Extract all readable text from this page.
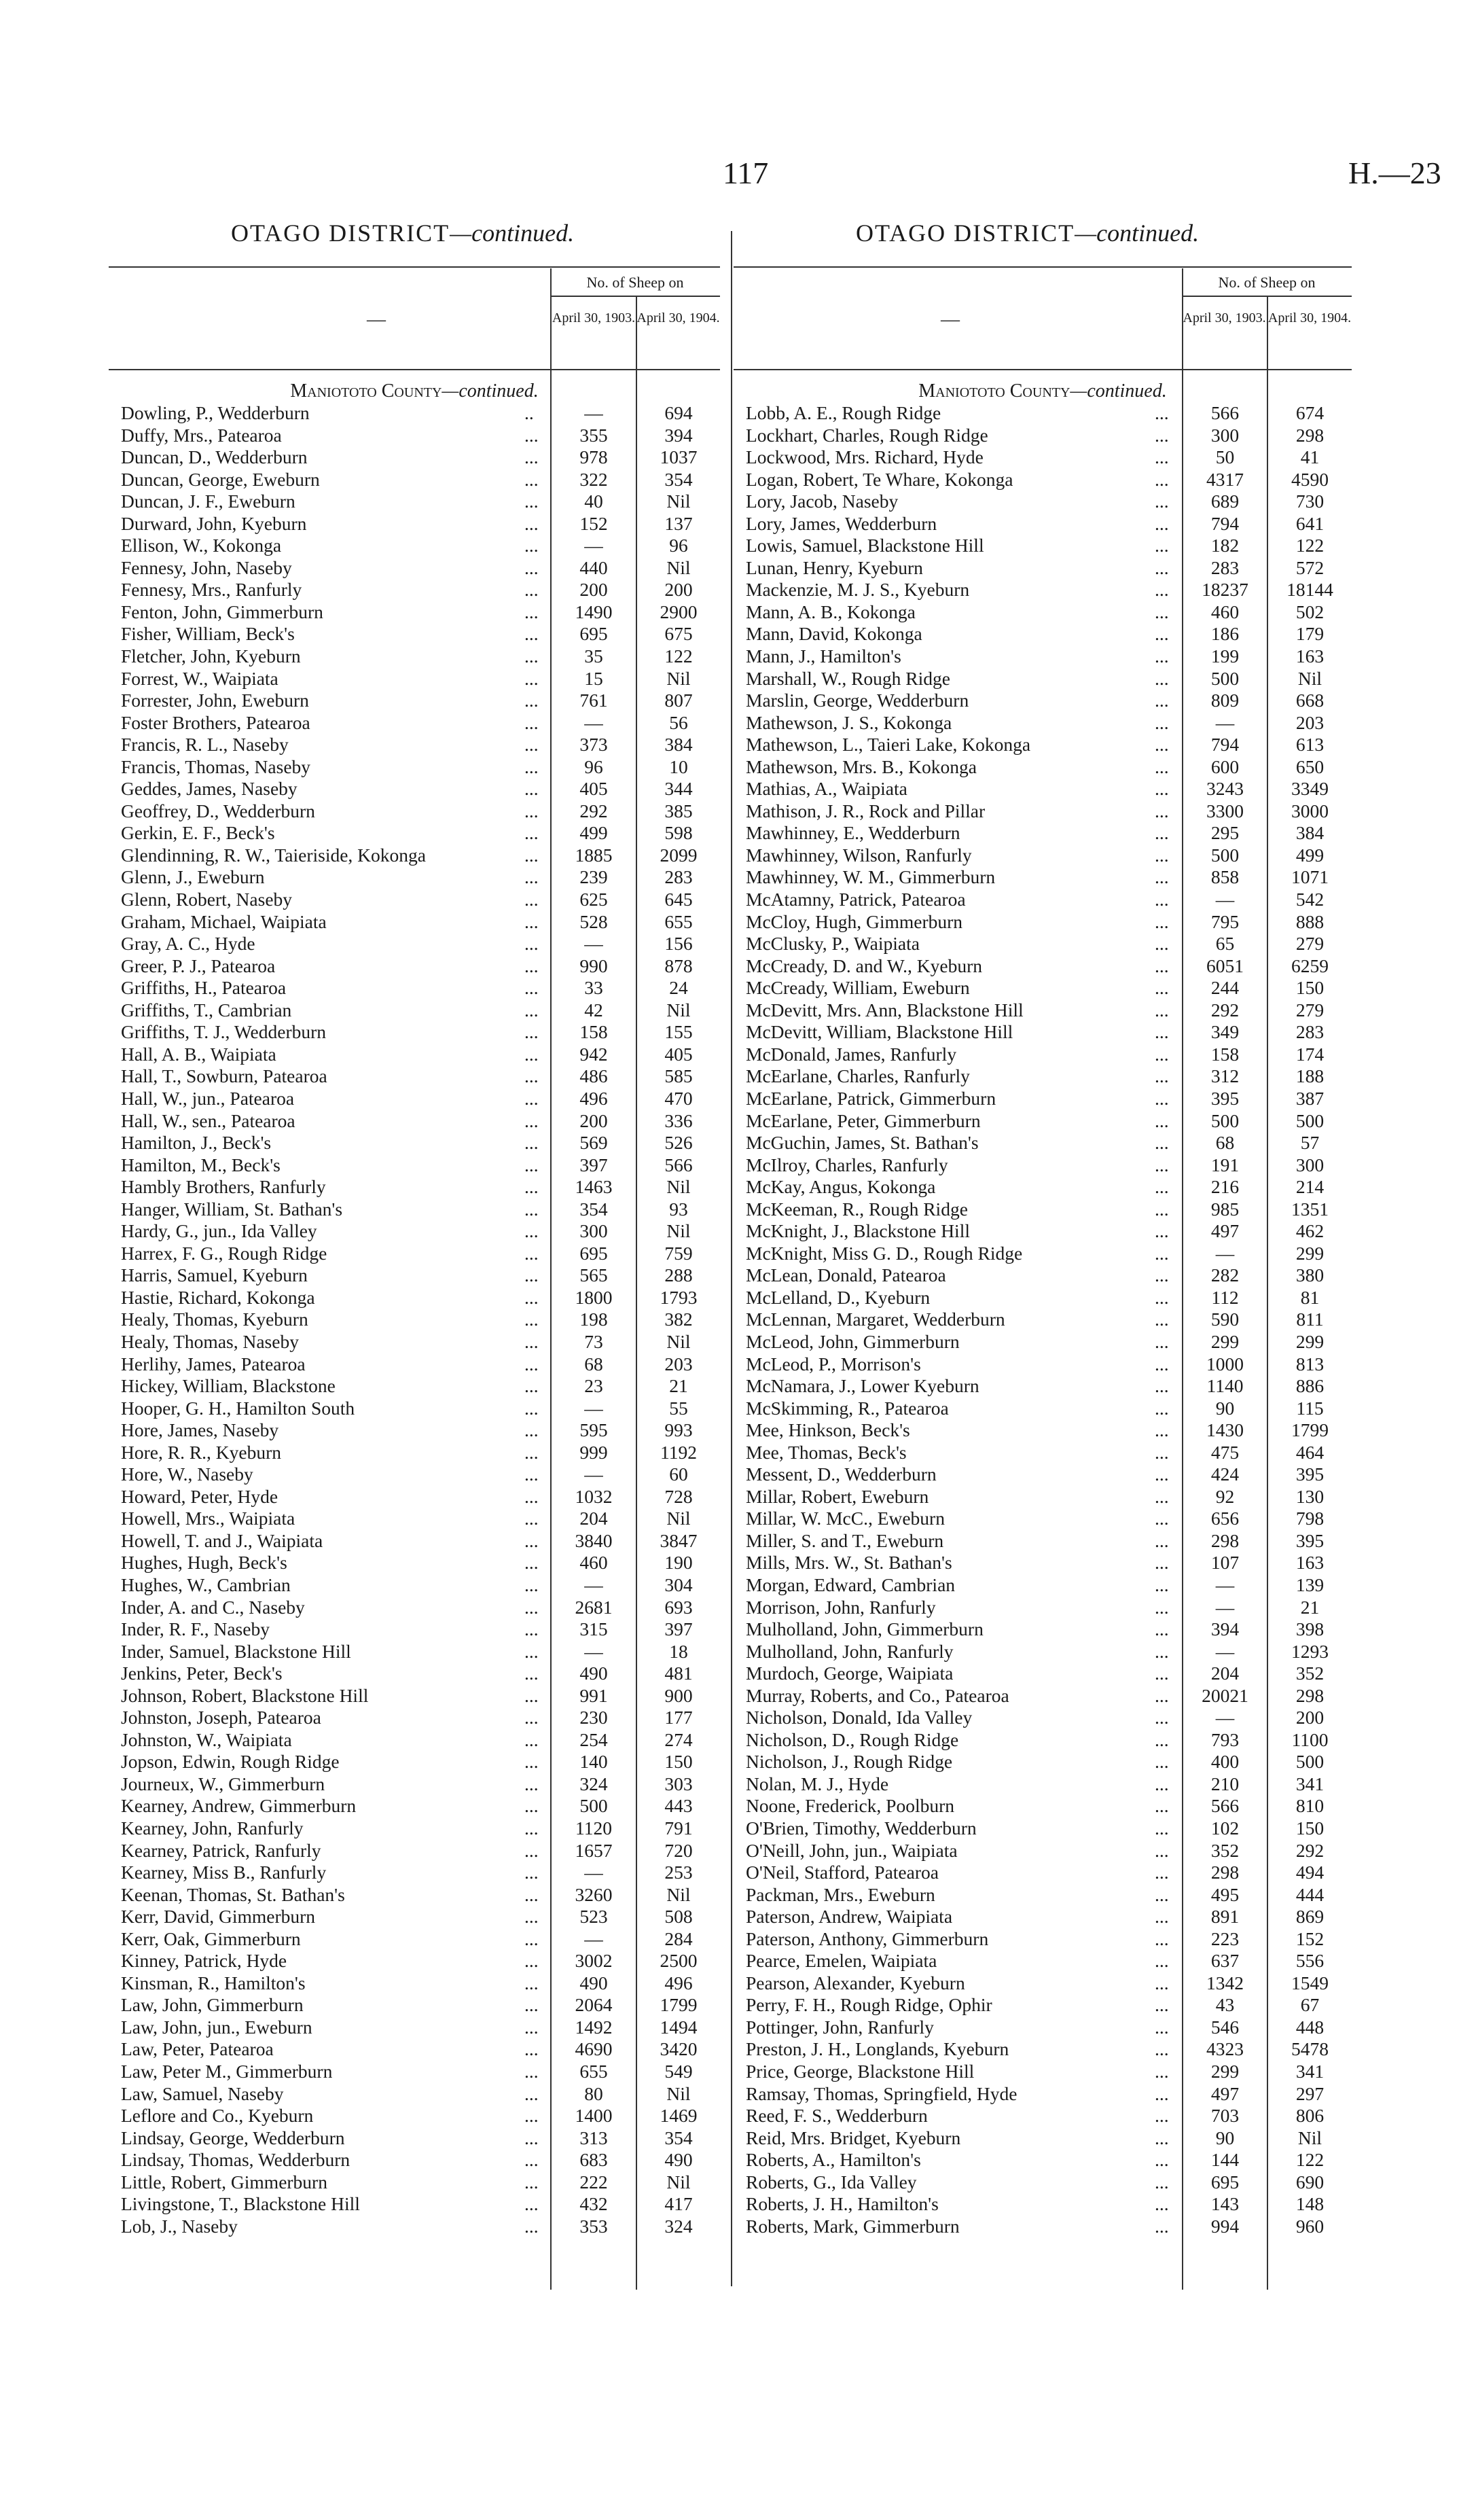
117	H.—23
OTAGO DISTRICT—continued.	OTAGO DISTRICT—continued.
—
No. of Sheep on
April 30, 1903. April 30, 1904.
Maniototo County—continued.
Dowling, P., Wedderburn	..	—	694
Duffy, Mrs., Patearoa	...	355	394
Duncan, D., Wedderburn	...	978	1037
Duncan, George, Eweburn	...	322	354
Duncan, J. F., Eweburn	...	40	Nil
Durward, John, Kyeburn	...	152	137
Ellison, W., Kokonga	...	—	96
Fennesy, John, Naseby	...	440	Nil
Fennesy, Mrs., Ranfurly	...	200	200
Fenton, John, Gimmerburn	...	1490	2900
Fisher, William, Beck's	...	695	675
Fletcher, John, Kyeburn	...	35	122
Forrest, W., Waipiata	...	15	Nil
Forrester, John, Eweburn	...	761	807
Foster Brothers, Patearoa	...	—	56
Francis, R. L., Naseby	...	373	384
Francis, Thomas, Naseby	...	96	10
Geddes, James, Naseby	...	405	344
Geoffrey, D., Wedderburn	...	292	385
Gerkin, E. F., Beck's	...	499	598
Glendinning, R. W., Taieriside, Kokonga	...	1885	2099
Glenn, J., Eweburn	...	239	283
Glenn, Robert, Naseby	...	625	645
Graham, Michael, Waipiata	...	528	655
Gray, A. C., Hyde	...	—	156
Greer, P. J., Patearoa	...	990	878
Griffiths, H., Patearoa	...	33	24
Griffiths, T., Cambrian	...	42	Nil
Griffiths, T. J., Wedderburn	...	158	155
Hall, A. B., Waipiata	...	942	405
Hall, T., Sowburn, Patearoa	...	486	585
Hall, W., jun., Patearoa	...	496	470
Hall, W., sen., Patearoa	...	200	336
Hamilton, J., Beck's	...	569	526
Hamilton, M., Beck's	...	397	566
Hambly Brothers, Ranfurly	...	1463	Nil
Hanger, William, St. Bathan's	...	354	93
Hardy, G., jun., Ida Valley	...	300	Nil
Harrex, F. G., Rough Ridge	...	695	759
Harris, Samuel, Kyeburn	...	565	288
Hastie, Richard, Kokonga	...	1800	1793
Healy, Thomas, Kyeburn	...	198	382
Healy, Thomas, Naseby	...	73	Nil
Herlihy, James, Patearoa	...	68	203
Hickey, William, Blackstone	...	23	21
Hooper, G. H., Hamilton South	...	—	55
Hore, James, Naseby	...	595	993
Hore, R. R., Kyeburn	...	999	1192
Hore, W., Naseby	...	—	60
Howard, Peter, Hyde	...	1032	728
Howell, Mrs., Waipiata	...	204	Nil
Howell, T. and J., Waipiata	...	3840	3847
Hughes, Hugh, Beck's	...	460	190
Hughes, W., Cambrian	...	—	304
Inder, A. and C., Naseby	...	2681	693
Inder, R. F., Naseby	...	315	397
Inder, Samuel, Blackstone Hill	...	—	18
Jenkins, Peter, Beck's	...	490	481
Johnson, Robert, Blackstone Hill	...	991	900
Johnston, Joseph, Patearoa	...	230	177
Johnston, W., Waipiata	...	254	274
Jopson, Edwin, Rough Ridge	...	140	150
Journeux, W., Gimmerburn	...	324	303
Kearney, Andrew, Gimmerburn	...	500	443
Kearney, John, Ranfurly	...	1120	791
Kearney, Patrick, Ranfurly	...	1657	720
Kearney, Miss B., Ranfurly	...	—	253
Keenan, Thomas, St. Bathan's	...	3260	Nil
Kerr, David, Gimmerburn	...	523	508
Kerr, Oak, Gimmerburn	...	—	284
Kinney, Patrick, Hyde	...	3002	2500
Kinsman, R., Hamilton's	...	490	496
Law, John, Gimmerburn	...	2064	1799
Law, John, jun., Eweburn	...	1492	1494
Law, Peter, Patearoa	...	4690	3420
Law, Peter M., Gimmerburn	...	655	549
Law, Samuel, Naseby	...	80	Nil
Leflore and Co., Kyeburn	...	1400	1469
Lindsay, George, Wedderburn	...	313	354
Lindsay, Thomas, Wedderburn	...	683	490
Little, Robert, Gimmerburn	...	222	Nil
Livingstone, T., Blackstone Hill	...	432	417
Lob, J., Naseby	...	353	324
—
No. of Sheep on
April 30, 1903. April 30, 1904.
Maniototo County—continued.
Lobb, A. E., Rough Ridge	...	566	674
Lockhart, Charles, Rough Ridge	...	300	298
Lockwood, Mrs. Richard, Hyde	...	50	41
Logan, Robert, Te Whare, Kokonga	...	4317	4590
Lory, Jacob, Naseby	...	689	730
Lory, James, Wedderburn	...	794	641
Lowis, Samuel, Blackstone Hill	...	182	122
Lunan, Henry, Kyeburn	...	283	572
Mackenzie, M. J. S., Kyeburn	...	18237	18144
Mann, A. B., Kokonga	...	460	502
Mann, David, Kokonga	...	186	179
Mann, J., Hamilton's	...	199	163
Marshall, W., Rough Ridge	...	500	Nil
Marslin, George, Wedderburn	...	809	668
Mathewson, J. S., Kokonga	...	—	203
Mathewson, L., Taieri Lake, Kokonga	...	794	613
Mathewson, Mrs. B., Kokonga	...	600	650
Mathias, A., Waipiata	...	3243	3349
Mathison, J. R., Rock and Pillar	...	3300	3000
Mawhinney, E., Wedderburn	...	295	384
Mawhinney, Wilson, Ranfurly	...	500	499
Mawhinney, W. M., Gimmerburn	...	858	1071
McAtamny, Patrick, Patearoa	...	—	542
McCloy, Hugh, Gimmerburn	...	795	888
McClusky, P., Waipiata	...	65	279
McCready, D. and W., Kyeburn	...	6051	6259
McCready, William, Eweburn	...	244	150
McDevitt, Mrs. Ann, Blackstone Hill	...	292	279
McDevitt, William, Blackstone Hill	...	349	283
McDonald, James, Ranfurly	...	158	174
McEarlane, Charles, Ranfurly	...	312	188
McEarlane, Patrick, Gimmerburn	...	395	387
McEarlane, Peter, Gimmerburn	...	500	500
McGuchin, James, St. Bathan's	...	68	57
McIlroy, Charles, Ranfurly	...	191	300
McKay, Angus, Kokonga	...	216	214
McKeeman, R., Rough Ridge	...	985	1351
McKnight, J., Blackstone Hill	...	497	462
McKnight, Miss G. D., Rough Ridge	...	—	299
McLean, Donald, Patearoa	...	282	380
McLelland, D., Kyeburn	...	112	81
McLennan, Margaret, Wedderburn	...	590	811
McLeod, John, Gimmerburn	...	299	299
McLeod, P., Morrison's	...	1000	813
McNamara, J., Lower Kyeburn	...	1140	886
McSkimming, R., Patearoa	...	90	115
Mee, Hinkson, Beck's	...	1430	1799
Mee, Thomas, Beck's	...	475	464
Messent, D., Wedderburn	...	424	395
Millar, Robert, Eweburn	...	92	130
Millar, W. McC., Eweburn	...	656	798
Miller, S. and T., Eweburn	...	298	395
Mills, Mrs. W., St. Bathan's	...	107	163
Morgan, Edward, Cambrian	...	—	139
Morrison, John, Ranfurly	...	—	21
Mulholland, John, Gimmerburn	...	394	398
Mulholland, John, Ranfurly	...	—	1293
Murdoch, George, Waipiata	...	204	352
Murray, Roberts, and Co., Patearoa	...	20021	298
Nicholson, Donald, Ida Valley	...	—	200
Nicholson, D., Rough Ridge	...	793	1100
Nicholson, J., Rough Ridge	...	400	500
Nolan, M. J., Hyde	...	210	341
Noone, Frederick, Poolburn	...	566	810
O'Brien, Timothy, Wedderburn	...	102	150
O'Neill, John, jun., Waipiata	...	352	292
O'Neil, Stafford, Patearoa	...	298	494
Packman, Mrs., Eweburn	...	495	444
Paterson, Andrew, Waipiata	...	891	869
Paterson, Anthony, Gimmerburn	...	223	152
Pearce, Emelen, Waipiata	...	637	556
Pearson, Alexander, Kyeburn	...	1342	1549
Perry, F. H., Rough Ridge, Ophir	...	43	67
Pottinger, John, Ranfurly	...	546	448
Preston, J. H., Longlands, Kyeburn	...	4323	5478
Price, George, Blackstone Hill	...	299	341
Ramsay, Thomas, Springfield, Hyde	...	497	297
Reed, F. S., Wedderburn	...	703	806
Reid, Mrs. Bridget, Kyeburn	...	90	Nil
Roberts, A., Hamilton's	...	144	122
Roberts, G., Ida Valley	...	695	690
Roberts, J. H., Hamilton's	...	143	148
Roberts, Mark, Gimmerburn	...	994	960
